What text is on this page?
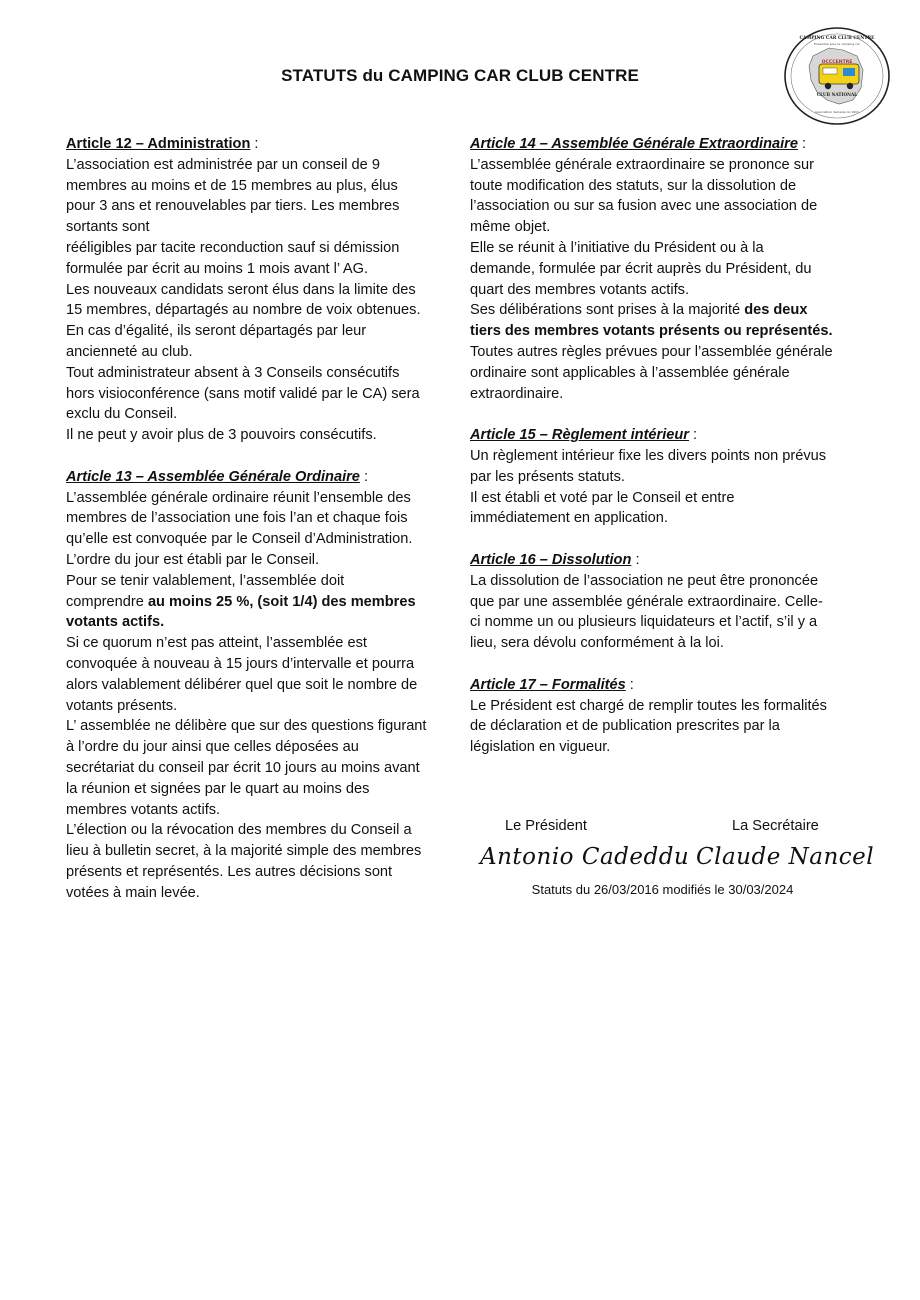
STATUTS du CAMPING CAR CLUB CENTRE
OCCCENTRE
CAMPING CAR CLUB CENTRE
Ensemble pour le camping-car
CLUB NATIONAL
Association déclarée loi 1901
Article 12 – Administration :
L’association est administrée par un conseil de 9
membres au moins et de 15 membres au plus, élus
pour 3 ans et renouvelables par tiers. Les membres
sortants sont
rééligibles par tacite reconduction sauf si démission
formulée par écrit au moins 1 mois avant l’ AG.
Les nouveaux candidats seront élus dans la limite des
15 membres, départagés au nombre de voix obtenues.
En cas d’égalité, ils seront départagés par leur
ancienneté au club.
Tout administrateur absent à 3 Conseils consécutifs
hors visioconférence (sans motif validé par le CA) sera
exclu du Conseil.
Il ne peut y avoir plus de 3 pouvoirs consécutifs.
Article 13 – Assemblée Générale Ordinaire :
L’assemblée générale ordinaire réunit l’ensemble des
membres de l’association une fois l’an et chaque fois
qu’elle est convoquée par le Conseil d’Administration.
L’ordre du jour est établi par le Conseil.
Pour se tenir valablement, l’assemblée doit
comprendre au moins 25 %, (soit 1/4) des membres
votants actifs.
Si ce quorum n’est pas atteint, l’assemblée est
convoquée à nouveau à 15 jours d’intervalle et pourra
alors valablement délibérer quel que soit le nombre de
votants présents.
L’ assemblée ne délibère que sur des questions figurant
à l’ordre du jour ainsi que celles déposées au
secrétariat du conseil par écrit 10 jours au moins avant
la réunion et signées par le quart au moins des
membres votants actifs.
L’élection ou la révocation des membres du Conseil a
lieu à bulletin secret, à la majorité simple des membres
présents et représentés. Les autres décisions sont
votées à main levée.
Article 14 – Assemblée Générale Extraordinaire :
L’assemblée générale extraordinaire se prononce sur
toute modification des statuts, sur la dissolution de
l’association ou sur sa fusion avec une association de
même objet.
Elle se réunit à l’initiative du Président ou à la
demande, formulée par écrit auprès du Président, du
quart des membres votants actifs.
Ses délibérations sont prises à la majorité des deux
tiers des membres votants présents ou représentés.
Toutes autres règles prévues pour l’assemblée générale
ordinaire sont applicables à l’assemblée générale
extraordinaire.
Article 15 – Règlement intérieur :
Un règlement intérieur fixe les divers points non prévus
par les présents statuts.
Il est établi et voté par le Conseil et entre
immédiatement en application.
Article 16 – Dissolution :
La dissolution de l’association ne peut être prononcée
que par une assemblée générale extraordinaire. Celle-
ci nomme un ou plusieurs liquidateurs et l’actif, s’il y a
lieu, sera dévolu conformément à la loi.
Article 17 – Formalités :
Le Président est chargé de remplir toutes les formalités
de déclaration et de publication prescrites par la
législation en vigueur.
Le Président	La Secrétaire
Antonio Cadeddu Claude Nancel
Statuts du 26/03/2016 modifiés le 30/03/2024
